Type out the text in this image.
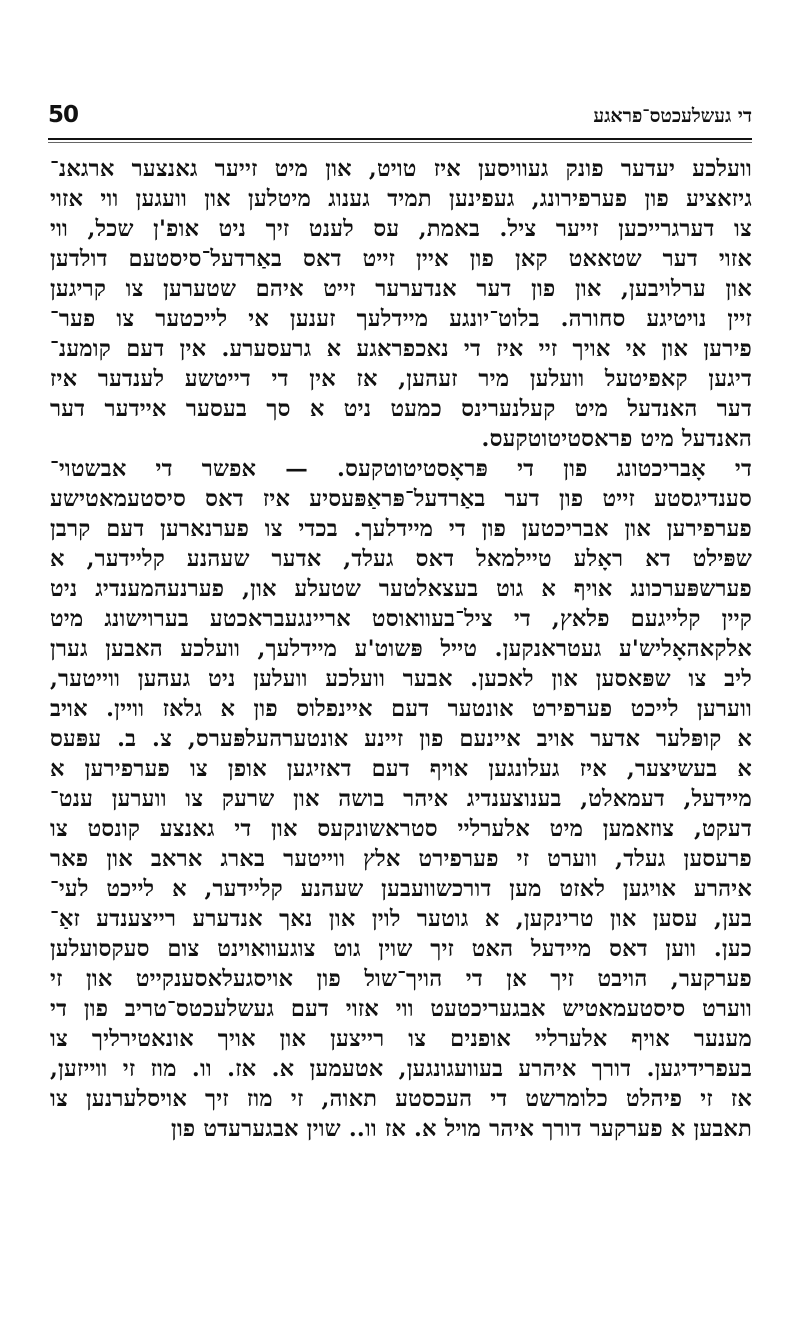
50	די געשלעכטס־פראגע
וועלכע יעדער פונק געוויסען איז טויט, און מיט זייער גאנצער ארגאנ־
גיזאציע פון פערפירונג, געפינען תמיד גענוג מיטלען און וועגען ווי אזוי
צו דערגרייכען זייער ציל. באמת, עס לענט זיך ניט אופ'ן שכל, ווי
אזוי דער שטאאט קאן פון איין זייט דאס באַרדעל־סיסטעם דולדען
און ערלויבען, און פון דער אנדערער זייט איהם שטערען צו קריגען
זיין נויטיגע סחורה. בלוט־יונגע מיידלעך זענען אי לייכטער צו פער־
פירען און אי אויך זיי איז די נאכפראגע א גרעסערע. אין דעם קומענ־
דיגען קאפיטעל וועלען מיר זעהען, אז אין די דייטשע לענדער איז
דער האנדעל מיט קעלנערינס כמעט ניט א סך בעסער איידער דער
האנדעל מיט פראסטיטוטקעס.
די אָבריכטונג פון די פּראָסטיטוטקעס. — אפשר די אבשטוי־
סענדיגסטע זייט פון דער באַרדעל־פּראַפּעסיע איז דאס סיסטעמאטישע
פערפירען און אבריכטען פון די מיידלעך. בכדי צו פערנארען דעם קרבן
שפּילט דא ראָלע טיילמאל דאס געלד, אדער שעהנע קליידער, א
פערשפּערכונג אויף א גוט בעצאלטער שטעלע און, פערנעהמענדיג ניט
קיין קלייגעם פלאץ, די ציל־בעוואוסט אריינגעבראכטע בערוישונג מיט
אלקאהאָליש'ע געטראנקען. טייל פּשוט'ע מיידלעך, וועלכע האבען גערן
ליב צו שפּאסען און לאכען. אבער וועלכע וועלען ניט געהען ווייטער,
ווערען לייכט פערפירט אונטער דעם איינפלוס פון א גלאז וויין. אויב
א קופּלער אדער אויב איינעם פון זיינע אונטערהעלפּערס, צ. ב. עפּעס
א בעשיצער, איז געלונגען אויף דעם דאזיגען אופן צו פערפירען א
מיידעל, דעמאלט, בענוצענדיג איהר בושה און שרעק צו ווערען ענט־
דעקט, צוזאמען מיט אלערליי סטראשונקעס און די גאנצע קונסט צו
פרעסען געלד, ווערט זי פערפירט אלץ ווייטער בארג אראב און פאר
איהרע אויגען לאזט מען דורכשוועבען שעהנע קליידער, א לייכט לעי־
בען, עסען און טרינקען, א גוטער לוין און נאך אנדערע רייצענדע זאַ־
כען. ווען דאס מיידעל האט זיך שוין גוט צוגעוואוינט צום סעקסועלען
פערקער, הויבט זיך אן די הויך־שול פון אויסגעלאסענקייט און זי
ווערט סיסטעמאטיש אבגעריכטעט ווי אזוי דעם געשלעכטס־טריב פון די
מענער אויף אלערליי אופנים צו רייצען און אויך אונאטירליך צו
בעפרידיגען. דורך איהרע בעוועגונגען, אטעמען א. אז. וו. מוז זי ווייזען,
אז זי פיהלט כלומרשט די העכסטע תאוה, זי מוז זיך אויסלערנען צו
תאבען א פערקער דורך איהר מויל א. אז וו.. שוין אבגערעדט פון
